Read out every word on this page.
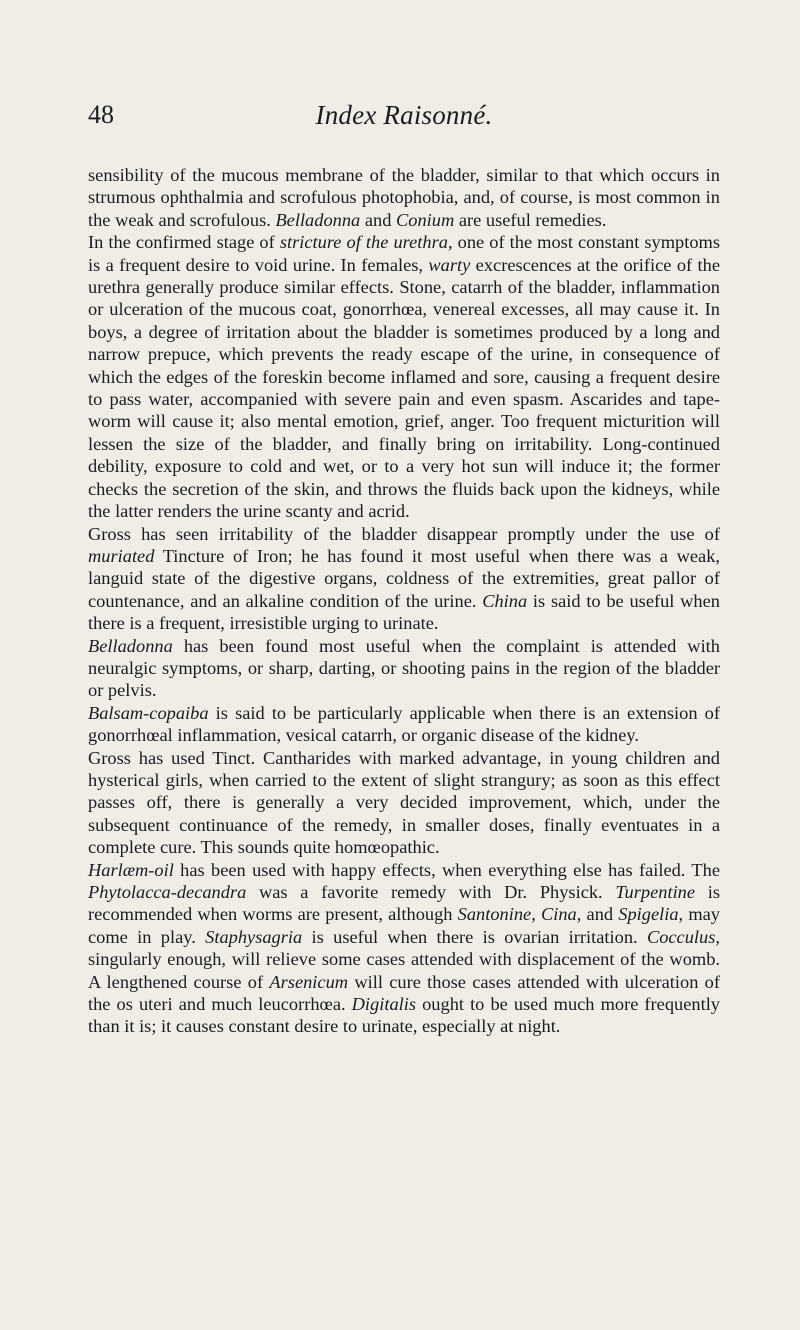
48	Index Raisonné.

sensibility of the mucous membrane of the bladder, similar to that which occurs in strumous ophthalmia and scrofulous photophobia, and, of course, is most common in the weak and scrofulous. Belladonna and Conium are useful remedies.

In the confirmed stage of stricture of the urethra, one of the most constant symptoms is a frequent desire to void urine. In females, warty excrescences at the orifice of the urethra generally produce similar effects. Stone, catarrh of the bladder, inflammation or ulceration of the mucous coat, gonorrhœa, venereal excesses, all may cause it. In boys, a degree of irritation about the bladder is sometimes produced by a long and narrow prepuce, which prevents the ready escape of the urine, in consequence of which the edges of the foreskin become inflamed and sore, causing a frequent desire to pass water, accompanied with severe pain and even spasm. Ascarides and tape-worm will cause it; also mental emotion, grief, anger. Too frequent micturition will lessen the size of the bladder, and finally bring on irritability. Long-continued debility, exposure to cold and wet, or to a very hot sun will induce it; the former checks the secretion of the skin, and throws the fluids back upon the kidneys, while the latter renders the urine scanty and acrid.

Gross has seen irritability of the bladder disappear promptly under the use of muriated Tincture of Iron; he has found it most useful when there was a weak, languid state of the digestive organs, coldness of the extremities, great pallor of countenance, and an alkaline condition of the urine. China is said to be useful when there is a frequent, irresistible urging to urinate.

Belladonna has been found most useful when the complaint is attended with neuralgic symptoms, or sharp, darting, or shooting pains in the region of the bladder or pelvis.

Balsam-copaiba is said to be particularly applicable when there is an extension of gonorrhœal inflammation, vesical catarrh, or organic disease of the kidney.

Gross has used Tinct. Cantharides with marked advantage, in young children and hysterical girls, when carried to the extent of slight strangury; as soon as this effect passes off, there is generally a very decided improvement, which, under the subsequent continuance of the remedy, in smaller doses, finally eventuates in a complete cure. This sounds quite homœopathic.

Harlæm-oil has been used with happy effects, when everything else has failed. The Phytolacca-decandra was a favorite remedy with Dr. Physick. Turpentine is recommended when worms are present, although Santonine, Cina, and Spigelia, may come in play. Staphysagria is useful when there is ovarian irritation. Cocculus, singularly enough, will relieve some cases attended with displacement of the womb. A lengthened course of Arsenicum will cure those cases attended with ulceration of the os uteri and much leucorrhœa. Digitalis ought to be used much more frequently than it is; it causes constant desire to urinate, especially at night.
